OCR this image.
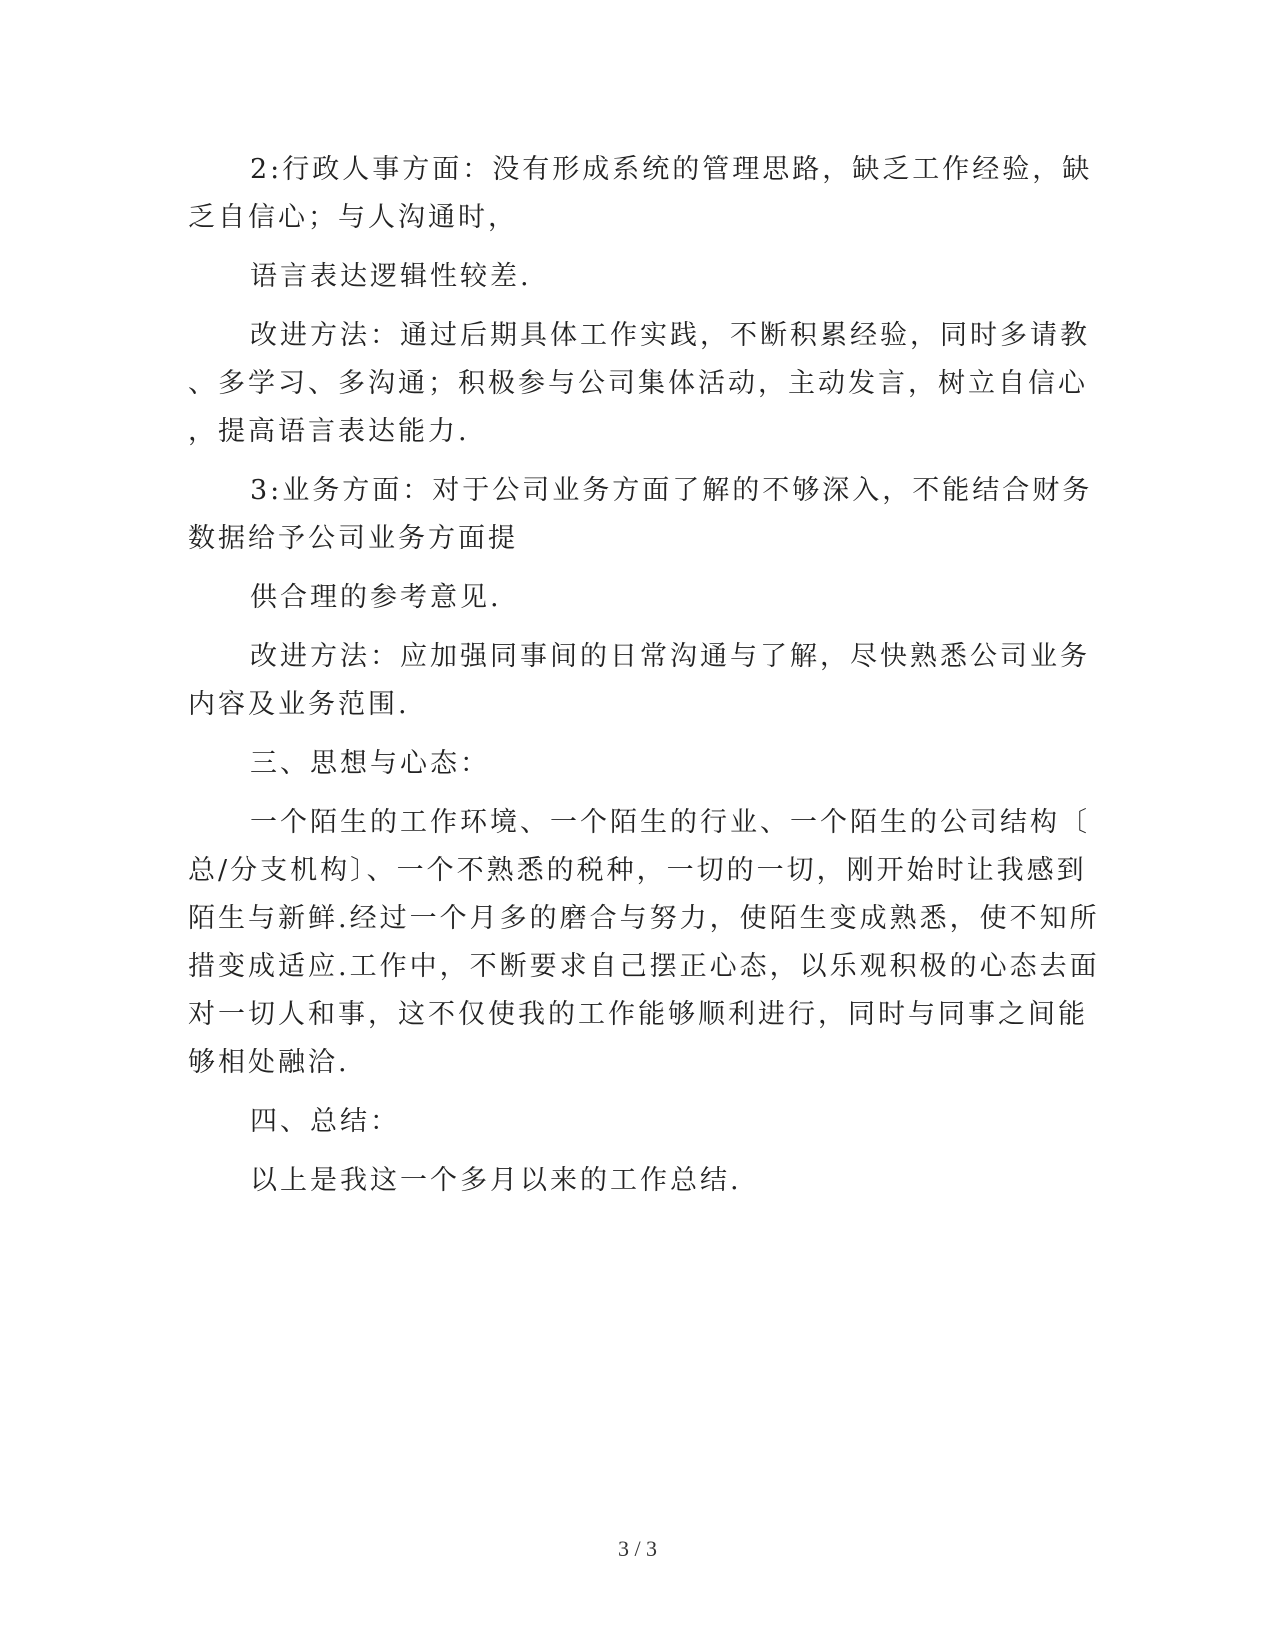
2:行政人事方面：没有形成系统的管理思路，缺乏工作经验，缺
乏自信心；与人沟通时，
语言表达逻辑性较差.
改进方法：通过后期具体工作实践，不断积累经验，同时多请教
、多学习、多沟通；积极参与公司集体活动，主动发言，树立自信心
，提高语言表达能力.
3:业务方面：对于公司业务方面了解的不够深入，不能结合财务
数据给予公司业务方面提
供合理的参考意见.
改进方法：应加强同事间的日常沟通与了解，尽快熟悉公司业务
内容及业务范围.
三、思想与心态：
一个陌生的工作环境、一个陌生的行业、一个陌生的公司结构〔
总/分支机构〕、一个不熟悉的税种，一切的一切，刚开始时让我感到
陌生与新鲜.经过一个月多的磨合与努力，使陌生变成熟悉，使不知所
措变成适应.工作中，不断要求自己摆正心态，以乐观积极的心态去面
对一切人和事，这不仅使我的工作能够顺利进行，同时与同事之间能
够相处融洽.
四、总结：
以上是我这一个多月以来的工作总结.
3 / 3
